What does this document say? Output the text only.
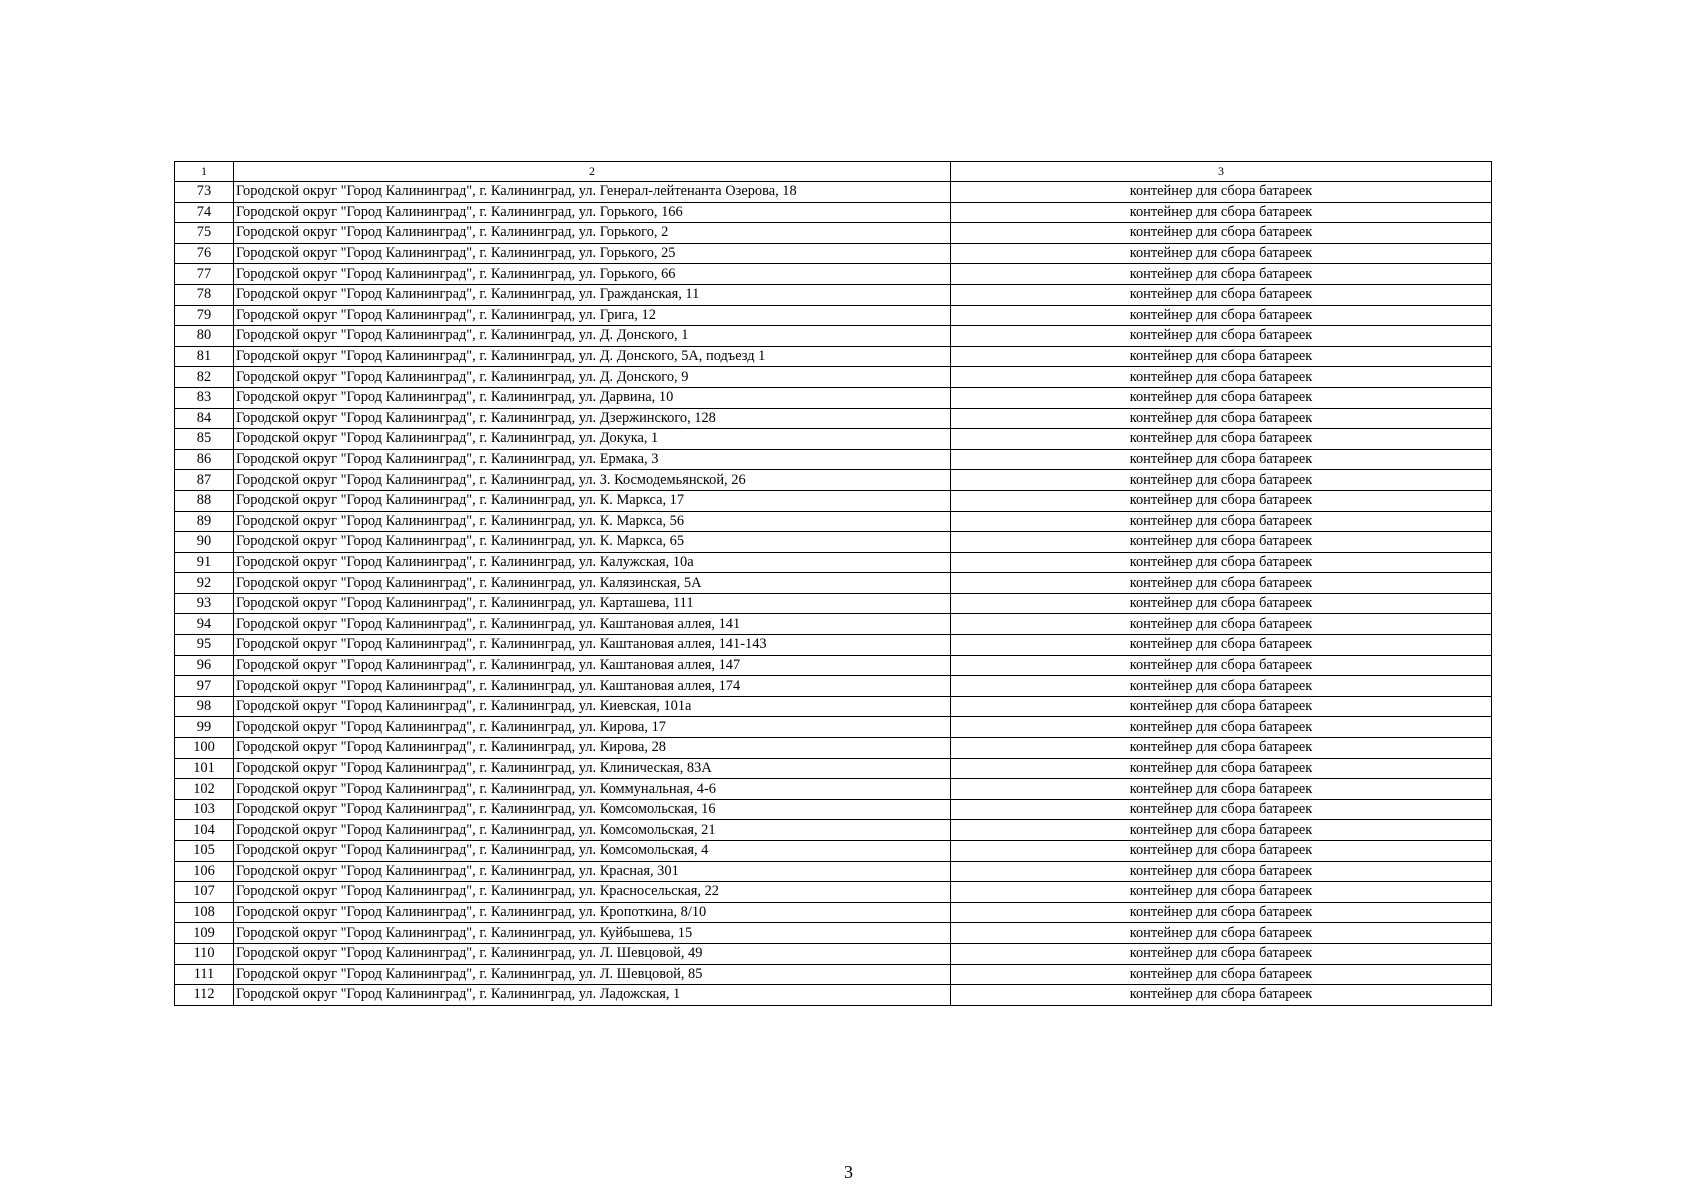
1	2	3
73	Городской округ "Город Калининград", г. Калининград, ул. Генерал-лейтенанта Озерова, 18	контейнер для сбора батареек
74	Городской округ "Город Калининград", г. Калининград, ул. Горького, 166	контейнер для сбора батареек
75	Городской округ "Город Калининград", г. Калининград, ул. Горького, 2	контейнер для сбора батареек
76	Городской округ "Город Калининград", г. Калининград, ул. Горького, 25	контейнер для сбора батареек
77	Городской округ "Город Калининград", г. Калининград, ул. Горького, 66	контейнер для сбора батареек
78	Городской округ "Город Калининград", г. Калининград, ул. Гражданская, 11	контейнер для сбора батареек
79	Городской округ "Город Калининград", г. Калининград, ул. Грига, 12	контейнер для сбора батареек
80	Городской округ "Город Калининград", г. Калининград, ул. Д. Донского, 1	контейнер для сбора батареек
81	Городской округ "Город Калининград", г. Калининград, ул. Д. Донского, 5А, подъезд 1	контейнер для сбора батареек
82	Городской округ "Город Калининград", г. Калининград, ул. Д. Донского, 9	контейнер для сбора батареек
83	Городской округ "Город Калининград", г. Калининград, ул. Дарвина, 10	контейнер для сбора батареек
84	Городской округ "Город Калининград", г. Калининград, ул. Дзержинского, 128	контейнер для сбора батареек
85	Городской округ "Город Калининград", г. Калининград, ул. Докука, 1	контейнер для сбора батареек
86	Городской округ "Город Калининград", г. Калининград, ул. Ермака, 3	контейнер для сбора батареек
87	Городской округ "Город Калининград", г. Калининград, ул. З. Космодемьянской, 26	контейнер для сбора батареек
88	Городской округ "Город Калининград", г. Калининград, ул. К. Маркса, 17	контейнер для сбора батареек
89	Городской округ "Город Калининград", г. Калининград, ул. К. Маркса, 56	контейнер для сбора батареек
90	Городской округ "Город Калининград", г. Калининград, ул. К. Маркса, 65	контейнер для сбора батареек
91	Городской округ "Город Калининград", г. Калининград, ул. Калужская, 10а	контейнер для сбора батареек
92	Городской округ "Город Калининград", г. Калининград, ул. Калязинская, 5А	контейнер для сбора батареек
93	Городской округ "Город Калининград", г. Калининград, ул. Карташева, 111	контейнер для сбора батареек
94	Городской округ "Город Калининград", г. Калининград, ул. Каштановая аллея, 141	контейнер для сбора батареек
95	Городской округ "Город Калининград", г. Калининград, ул. Каштановая аллея, 141-143	контейнер для сбора батареек
96	Городской округ "Город Калининград", г. Калининград, ул. Каштановая аллея, 147	контейнер для сбора батареек
97	Городской округ "Город Калининград", г. Калининград, ул. Каштановая аллея, 174	контейнер для сбора батареек
98	Городской округ "Город Калининград", г. Калининград, ул. Киевская, 101а	контейнер для сбора батареек
99	Городской округ "Город Калининград", г. Калининград, ул. Кирова, 17	контейнер для сбора батареек
100	Городской округ "Город Калининград", г. Калининград, ул. Кирова, 28	контейнер для сбора батареек
101	Городской округ "Город Калининград", г. Калининград, ул. Клиническая, 83А	контейнер для сбора батареек
102	Городской округ "Город Калининград", г. Калининград, ул. Коммунальная, 4-6	контейнер для сбора батареек
103	Городской округ "Город Калининград", г. Калининград, ул. Комсомольская, 16	контейнер для сбора батареек
104	Городской округ "Город Калининград", г. Калининград, ул. Комсомольская, 21	контейнер для сбора батареек
105	Городской округ "Город Калининград", г. Калининград, ул. Комсомольская, 4	контейнер для сбора батареек
106	Городской округ "Город Калининград", г. Калининград, ул. Красная, 301	контейнер для сбора батареек
107	Городской округ "Город Калининград", г. Калининград, ул. Красносельская, 22	контейнер для сбора батареек
108	Городской округ "Город Калининград", г. Калининград, ул. Кропоткина, 8/10	контейнер для сбора батареек
109	Городской округ "Город Калининград", г. Калининград, ул. Куйбышева, 15	контейнер для сбора батареек
110	Городской округ "Город Калининград", г. Калининград, ул. Л. Шевцовой, 49	контейнер для сбора батареек
111	Городской округ "Город Калининград", г. Калининград, ул. Л. Шевцовой, 85	контейнер для сбора батареек
112	Городской округ "Город Калининград", г. Калининград, ул. Ладожская, 1	контейнер для сбора батареек
3
